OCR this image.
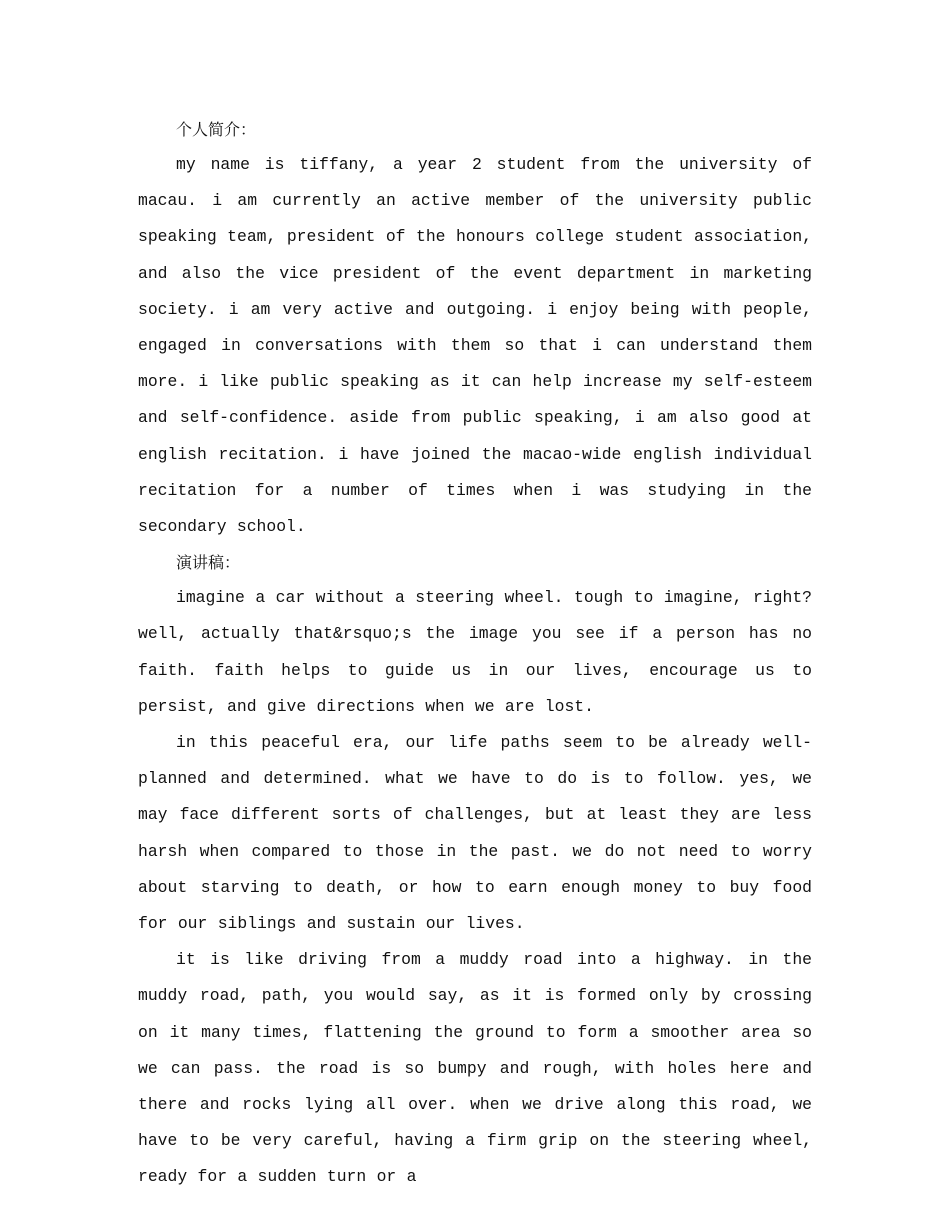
个人简介：

my name is tiffany, a year 2 student from the university of macau. i am currently an active member of the university public speaking team, president of the honours college student association, and also the vice president of the event department in marketing society. i am very active and outgoing. i enjoy being with people, engaged in conversations with them so that i can understand them more. i like public speaking as it can help increase my self-esteem and self-confidence. aside from public speaking, i am also good at english recitation. i have joined the macao-wide english individual recitation for a number of times when i was studying in the secondary school.

演讲稿：

imagine a car without a steering wheel. tough to imagine, right? well, actually that&rsquo;s the image you see if a person has no faith. faith helps to guide us in our lives, encourage us to persist, and give directions when we are lost.

in this peaceful era, our life paths seem to be already well-planned and determined. what we have to do is to follow. yes, we may face different sorts of challenges, but at least they are less harsh when compared to those in the past. we do not need to worry about starving to death, or how to earn enough money to buy food for our siblings and sustain our lives.

it is like driving from a muddy road into a highway. in the muddy road, path, you would say, as it is formed only by crossing on it many times, flattening the ground to form a smoother area so we can pass. the road is so bumpy and rough, with holes here and there and rocks lying all over. when we drive along this road, we have to be very careful, having a firm grip on the steering wheel, ready for a sudden turn or a
